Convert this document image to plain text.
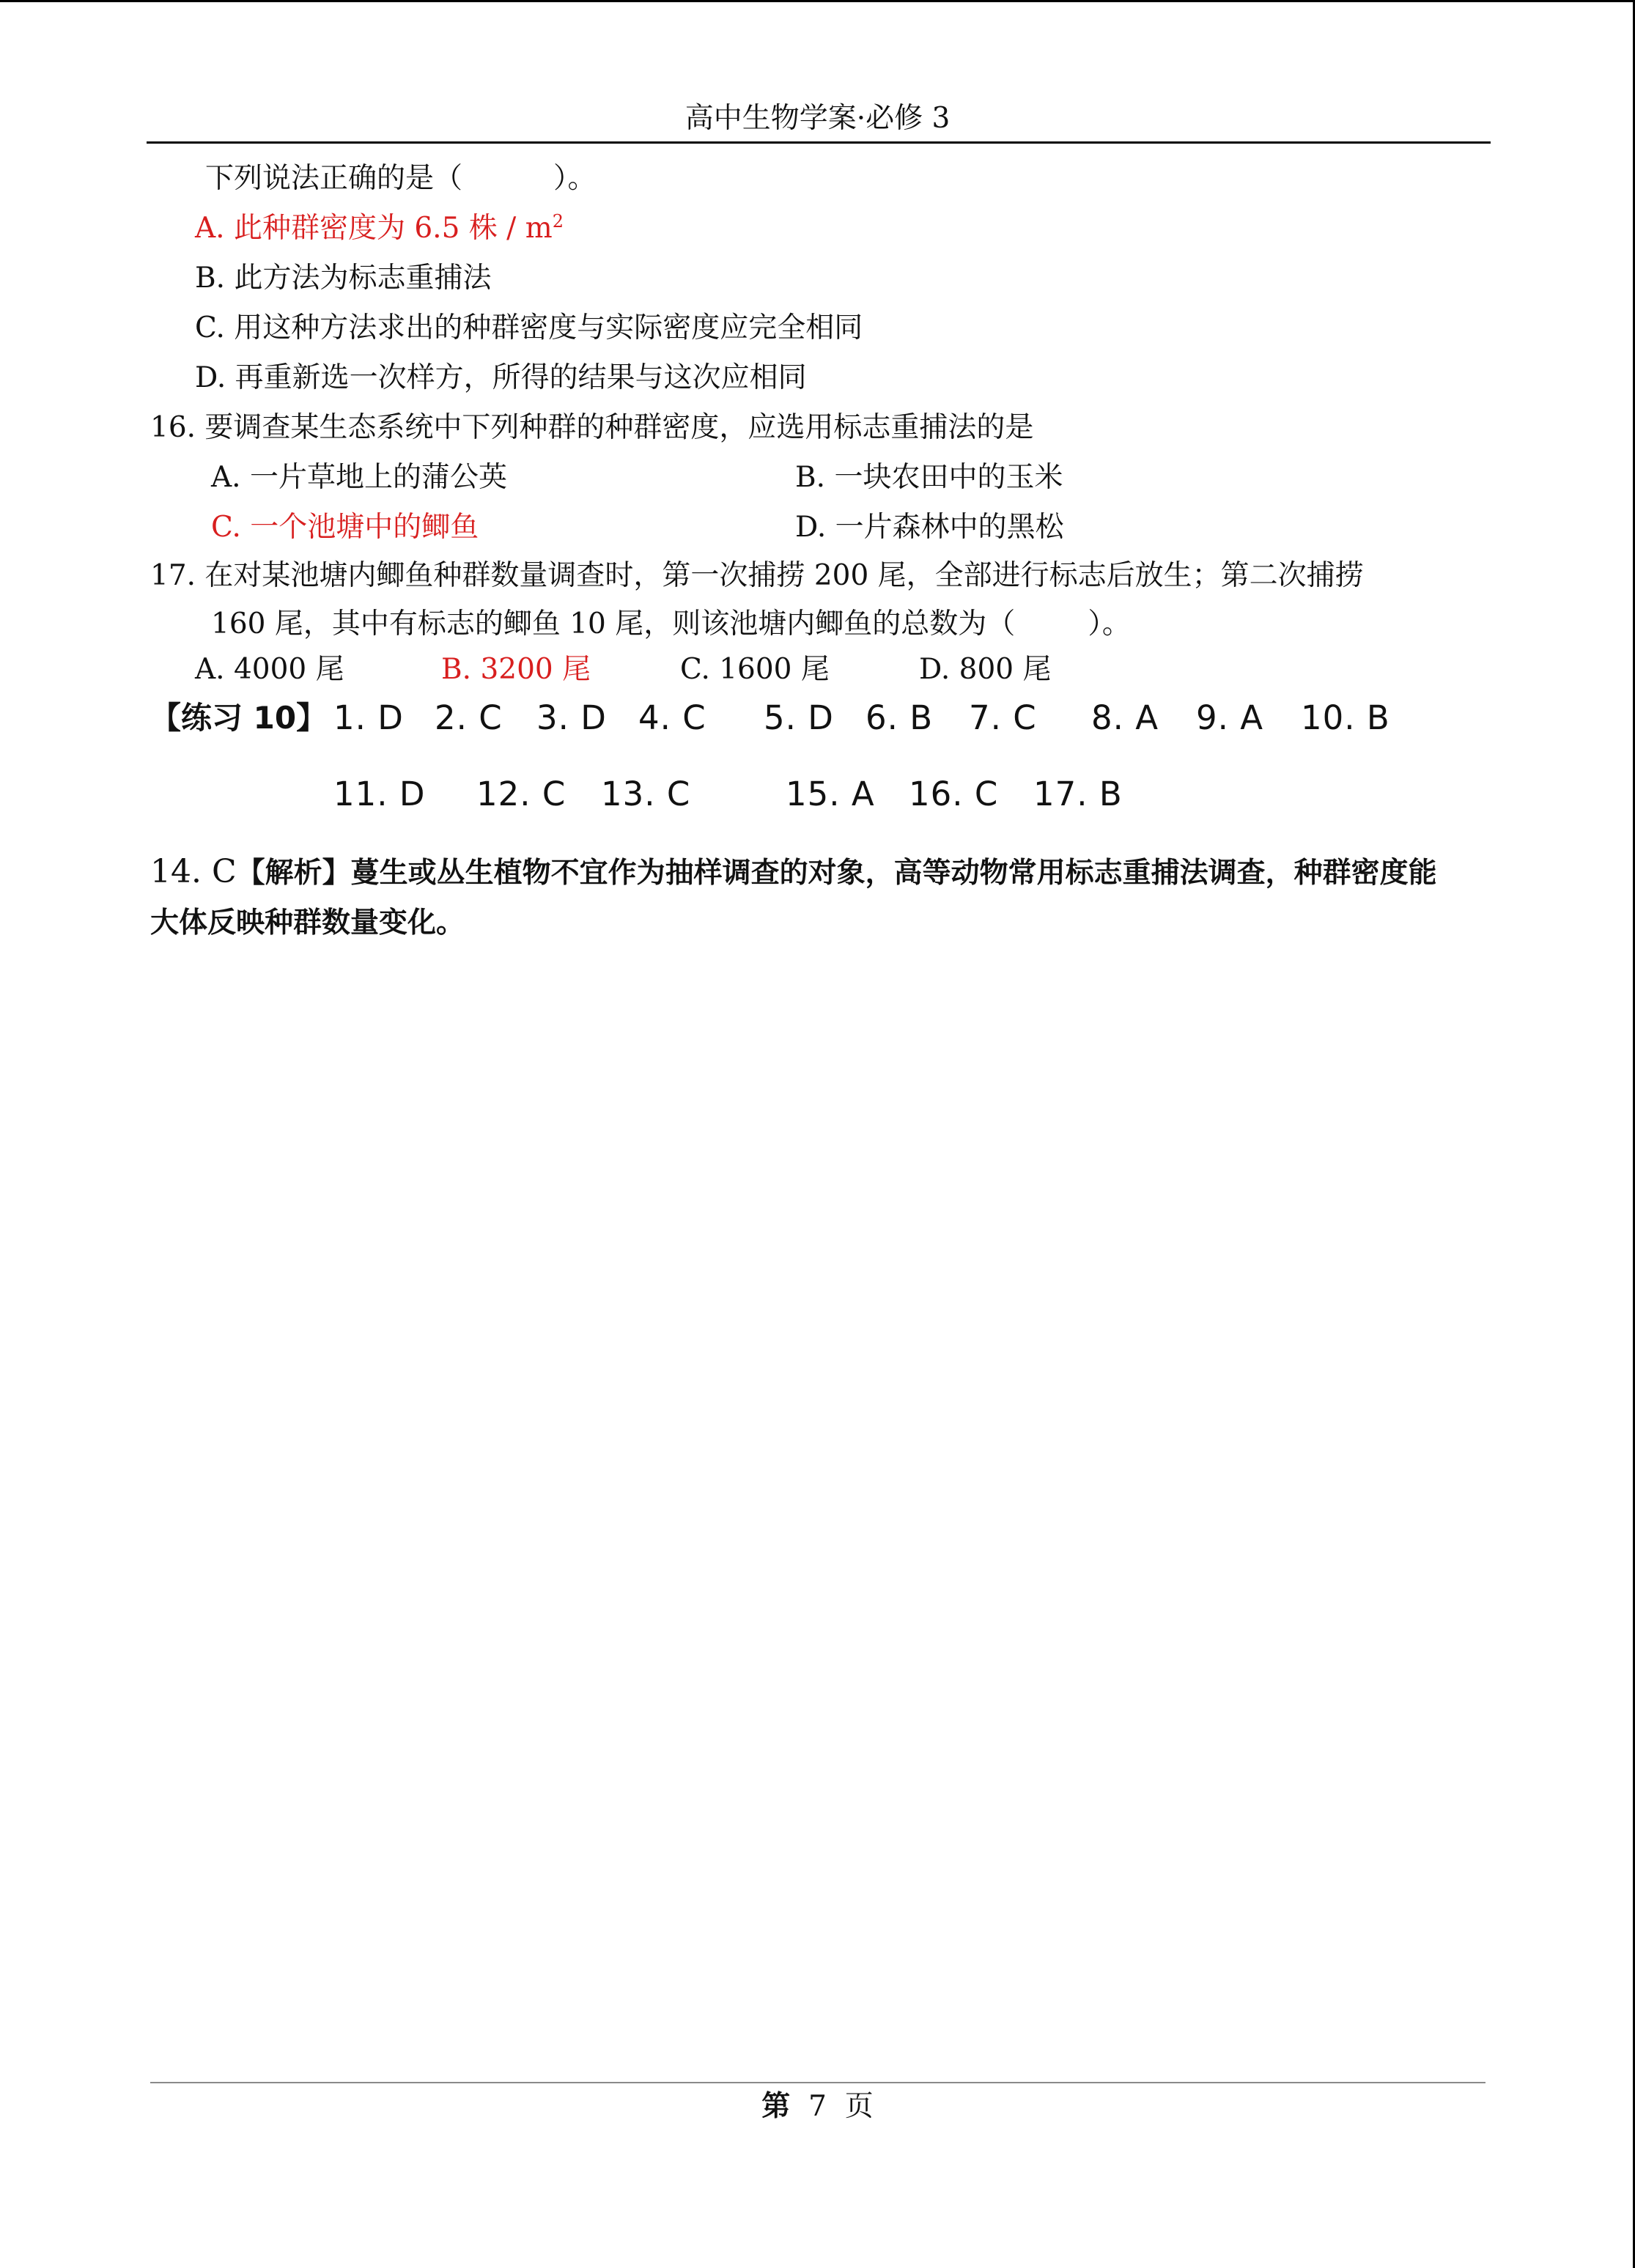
高中生物学案·必修 3
下列说法正确的是（          ）。
A. 此种群密度为 6.5 株 / $m^2$
B. 此方法为标志重捕法
C. 用这种方法求出的种群密度与实际密度应完全相同
D. 再重新选一次样方，所得的结果与这次应相同
16. 要调查某生态系统中下列种群的种群密度，应选用标志重捕法的是
A. 一片草地上的蒲公英	B. 一块农田中的玉米
C. 一个池塘中的鲫鱼	D. 一片森林中的黑松
17. 在对某池塘内鲫鱼种群数量调查时，第一次捕捞 200 尾，全部进行标志后放生；第二次捕捞
160 尾，其中有标志的鲫鱼 10 尾，则该池塘内鲫鱼的总数为（        ）。
A. 4000 尾	B. 3200 尾	C. 1600 尾	D. 800 尾
【练习 10】 1. D 2. C 3. D 4. C 5. D 6. B 7. C 8. A 9. A 10. B
11. D 12. C 13. C	15. A 16. C 17. B
14. C【解析】蔓生或丛生植物不宜作为抽样调查的对象，高等动物常用标志重捕法调查，种群密度能
大体反映种群数量变化。
第 7 页
